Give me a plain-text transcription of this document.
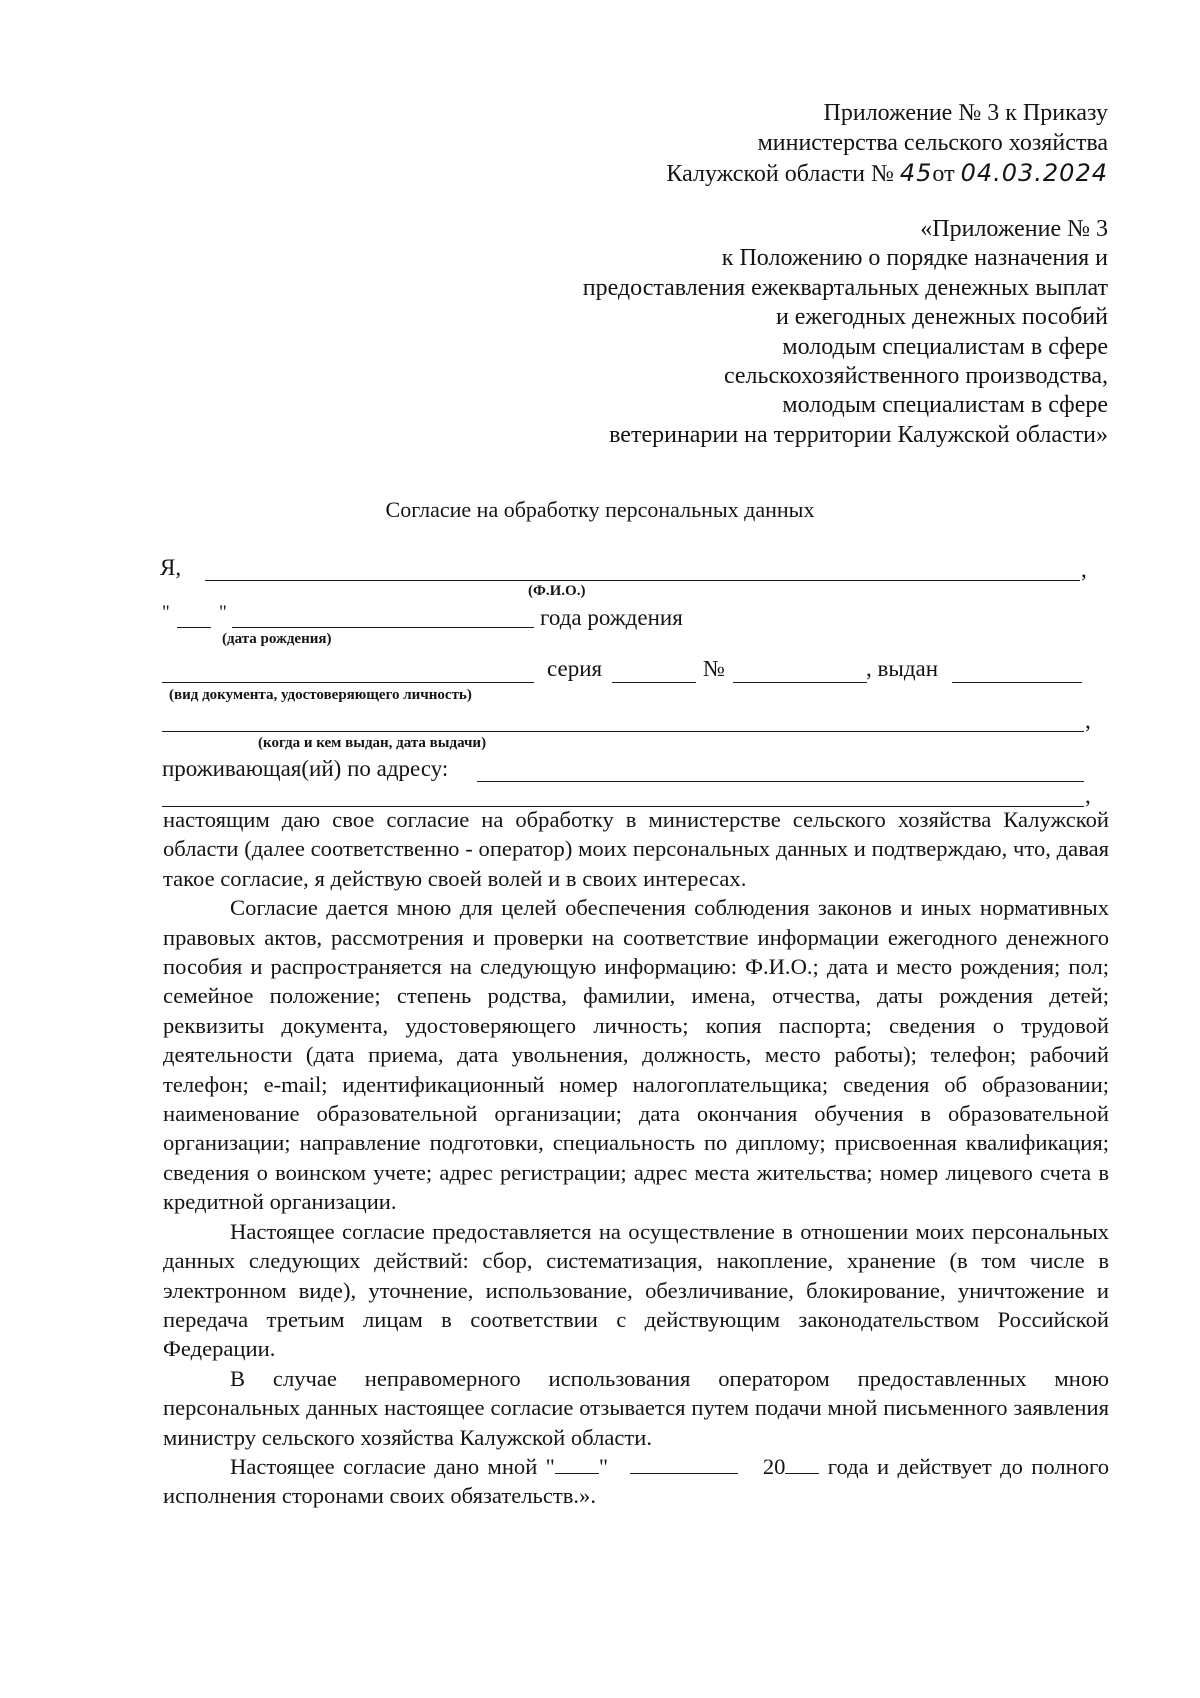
Приложение № 3 к Приказу
министерства сельского хозяйства
Калужской области № 45от 04.03.2024
«Приложение № 3
к Положению о порядке назначения и
предоставления ежеквартальных денежных выплат
и ежегодных денежных пособий
молодым специалистам в сфере
сельскохозяйственного производства,
молодым специалистам в сфере
ветеринарии на территории Калужской области»
Согласие на обработку персональных данных
Я,	,
(Ф.И.О.)
"	"	года рождения
(дата рождения)
серия	№	, выдан
(вид документа, удостоверяющего личность)
,
(когда и кем выдан, дата выдачи)
проживающая(ий) по адресу:
,

настоящим даю свое согласие на обработку в министерстве сельского хозяйства Калужской области (далее соответственно - оператор) моих персональных данных и подтверждаю, что, давая такое согласие, я действую своей волей и в своих интересах.

Согласие дается мною для целей обеспечения соблюдения законов и иных нормативных правовых актов, рассмотрения и проверки на соответствие информации ежегодного денежного пособия и распространяется на следующую информацию: Ф.И.О.; дата и место рождения; пол; семейное положение; степень родства, фамилии, имена, отчества, даты рождения детей; реквизиты документа, удостоверяющего личность; копия паспорта; сведения о трудовой деятельности (дата приема, дата увольнения, должность, место работы); телефон; рабочий телефон; e-mail; идентификационный номер налогоплательщика; сведения об образовании; наименование образовательной организации; дата окончания обучения в образовательной организации; направление подготовки, специальность по диплому; присвоенная квалификация; сведения о воинском учете; адрес регистрации; адрес места жительства; номер лицевого счета в кредитной организации.

Настоящее согласие предоставляется на осуществление в отношении моих персональных данных следующих действий: сбор, систематизация, накопление, хранение (в том числе в электронном виде), уточнение, использование, обезличивание, блокирование, уничтожение и передача третьим лицам в соответствии с действующим законодательством Российской Федерации.

В случае неправомерного использования оператором предоставленных мною персональных данных настоящее согласие отзывается путем подачи мной письменного заявления министру сельского хозяйства Калужской области.

Настоящее согласие дано мной " "	20 года и действует до полного исполнения сторонами своих обязательств.».
